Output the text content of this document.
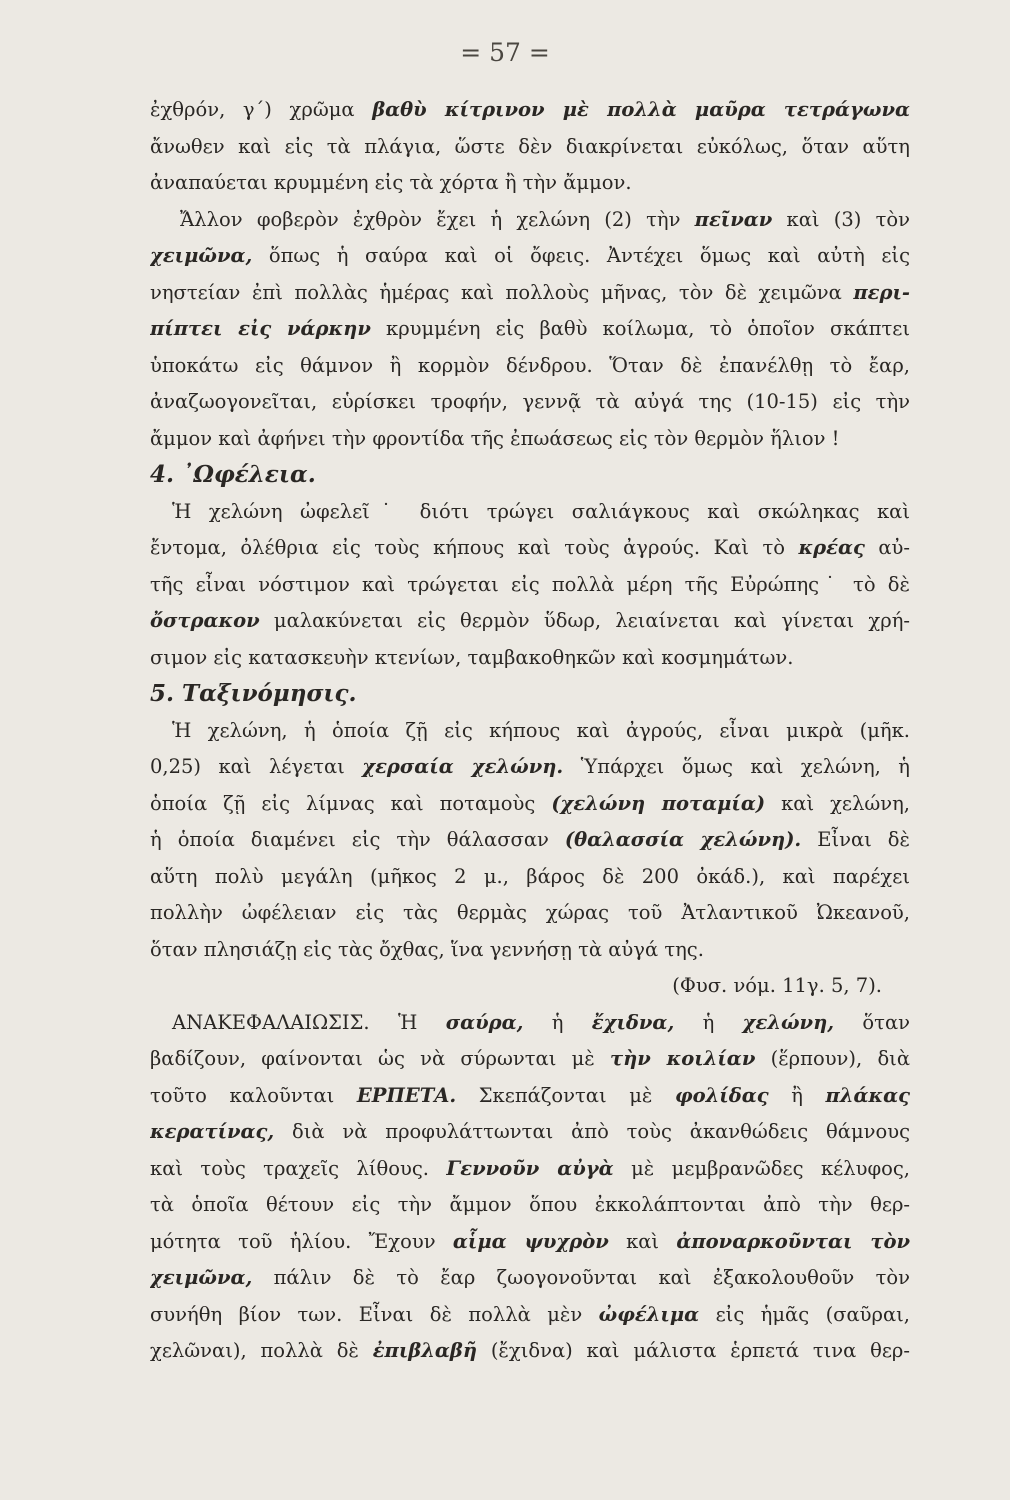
= 57 =
ἐχθρόν, γ΄) χρῶμα βαθὺ κίτρινον μὲ πολλὰ μαῦρα τετράγωνα
ἄνωθεν καὶ εἰς τὰ πλάγια, ὥστε δὲν διακρίνεται εὐκόλως, ὅταν αὕτη
ἀναπαύεται κρυμμένη εἰς τὰ χόρτα ἢ τὴν ἄμμον.
Ἄλλον φοβερὸν ἐχθρὸν ἔχει ἡ χελώνη (2) τὴν πεῖναν καὶ (3) τὸν
χειμῶνα, ὅπως ἡ σαύρα καὶ οἱ ὄφεις. Ἀντέχει ὅμως καὶ αὐτὴ εἰς
νηστείαν ἐπὶ πολλὰς ἡμέρας καὶ πολλοὺς μῆνας, τὸν δὲ χειμῶνα περι-
πίπτει εἰς νάρκην κρυμμένη εἰς βαθὺ κοίλωμα, τὸ ὁποῖον σκάπτει
ὑποκάτω εἰς θάμνον ἢ κορμὸν δένδρου. Ὅταν δὲ ἐπανέλθῃ τὸ ἔαρ,
ἀναζωογονεῖται, εὑρίσκει τροφήν, γεννᾷ τὰ αὐγά της (10-15) εἰς τὴν
ἄμμον καὶ ἀφήνει τὴν φροντίδα τῆς ἐπωάσεως εἰς τὸν θερμὸν ἥλιον !
4. ᾿Ωφέλεια.
Ἡ χελώνη ὠφελεῖ˙ διότι τρώγει σαλιάγκους καὶ σκώληκας καὶ
ἔντομα, ὀλέθρια εἰς τοὺς κήπους καὶ τοὺς ἀγρούς. Καὶ τὸ κρέας αὐ-
τῆς εἶναι νόστιμον καὶ τρώγεται εἰς πολλὰ μέρη τῆς Εὐρώπης˙ τὸ δὲ
ὄστρακον μαλακύνεται εἰς θερμὸν ὕδωρ, λειαίνεται καὶ γίνεται χρή-
σιμον εἰς κατασκευὴν κτενίων, ταμβακοθηκῶν καὶ κοσμημάτων.
5. Ταξινόμησις.
Ἡ χελώνη, ἡ ὁποία ζῇ εἰς κήπους καὶ ἀγρούς, εἶναι μικρὰ (μῆκ.
0,25) καὶ λέγεται χερσαία χελώνη. Ὑπάρχει ὅμως καὶ χελώνη, ἡ
ὁποία ζῇ εἰς λίμνας καὶ ποταμοὺς (χελώνη ποταμία) καὶ χελώνη,
ἡ ὁποία διαμένει εἰς τὴν θάλασσαν (θαλασσία χελώνη). Εἶναι δὲ
αὕτη πολὺ μεγάλη (μῆκος 2 μ., βάρος δὲ 200 ὀκάδ.), καὶ παρέχει
πολλὴν ὠφέλειαν εἰς τὰς θερμὰς χώρας τοῦ Ἀτλαντικοῦ Ὠκεανοῦ,
ὅταν πλησιάζῃ εἰς τὰς ὄχθας, ἵνα γεννήσῃ τὰ αὐγά της.
(Φυσ. νόμ. 11γ. 5, 7).
ΑΝΑΚΕΦΑΛΑΙΩΣΙΣ. Ἡ σαύρα, ἡ ἔχιδνα, ἡ χελώνη, ὅταν
βαδίζουν, φαίνονται ὡς νὰ σύρωνται μὲ τὴν κοιλίαν (ἕρπουν), διὰ
τοῦτο καλοῦνται ΕΡΠΕΤΑ. Σκεπάζονται μὲ φολίδας ἢ πλάκας
κερατίνας, διὰ νὰ προφυλάττωνται ἀπὸ τοὺς ἀκανθώδεις θάμνους
καὶ τοὺς τραχεῖς λίθους. Γεννοῦν αὐγὰ μὲ μεμβρανῶδες κέλυφος,
τὰ ὁποῖα θέτουν εἰς τὴν ἄμμον ὅπου ἐκκολάπτονται ἀπὸ τὴν θερ-
μότητα τοῦ ἡλίου. Ἔχουν αἷμα ψυχρὸν καὶ ἀποναρκοῦνται τὸν
χειμῶνα, πάλιν δὲ τὸ ἔαρ ζωογονοῦνται καὶ ἐξακολουθοῦν τὸν
συνήθη βίον των. Εἶναι δὲ πολλὰ μὲν ὠφέλιμα εἰς ἡμᾶς (σαῦραι,
χελῶναι), πολλὰ δὲ ἐπιβλαβῆ (ἔχιδνα) καὶ μάλιστα ἑρπετά τινα θερ-
